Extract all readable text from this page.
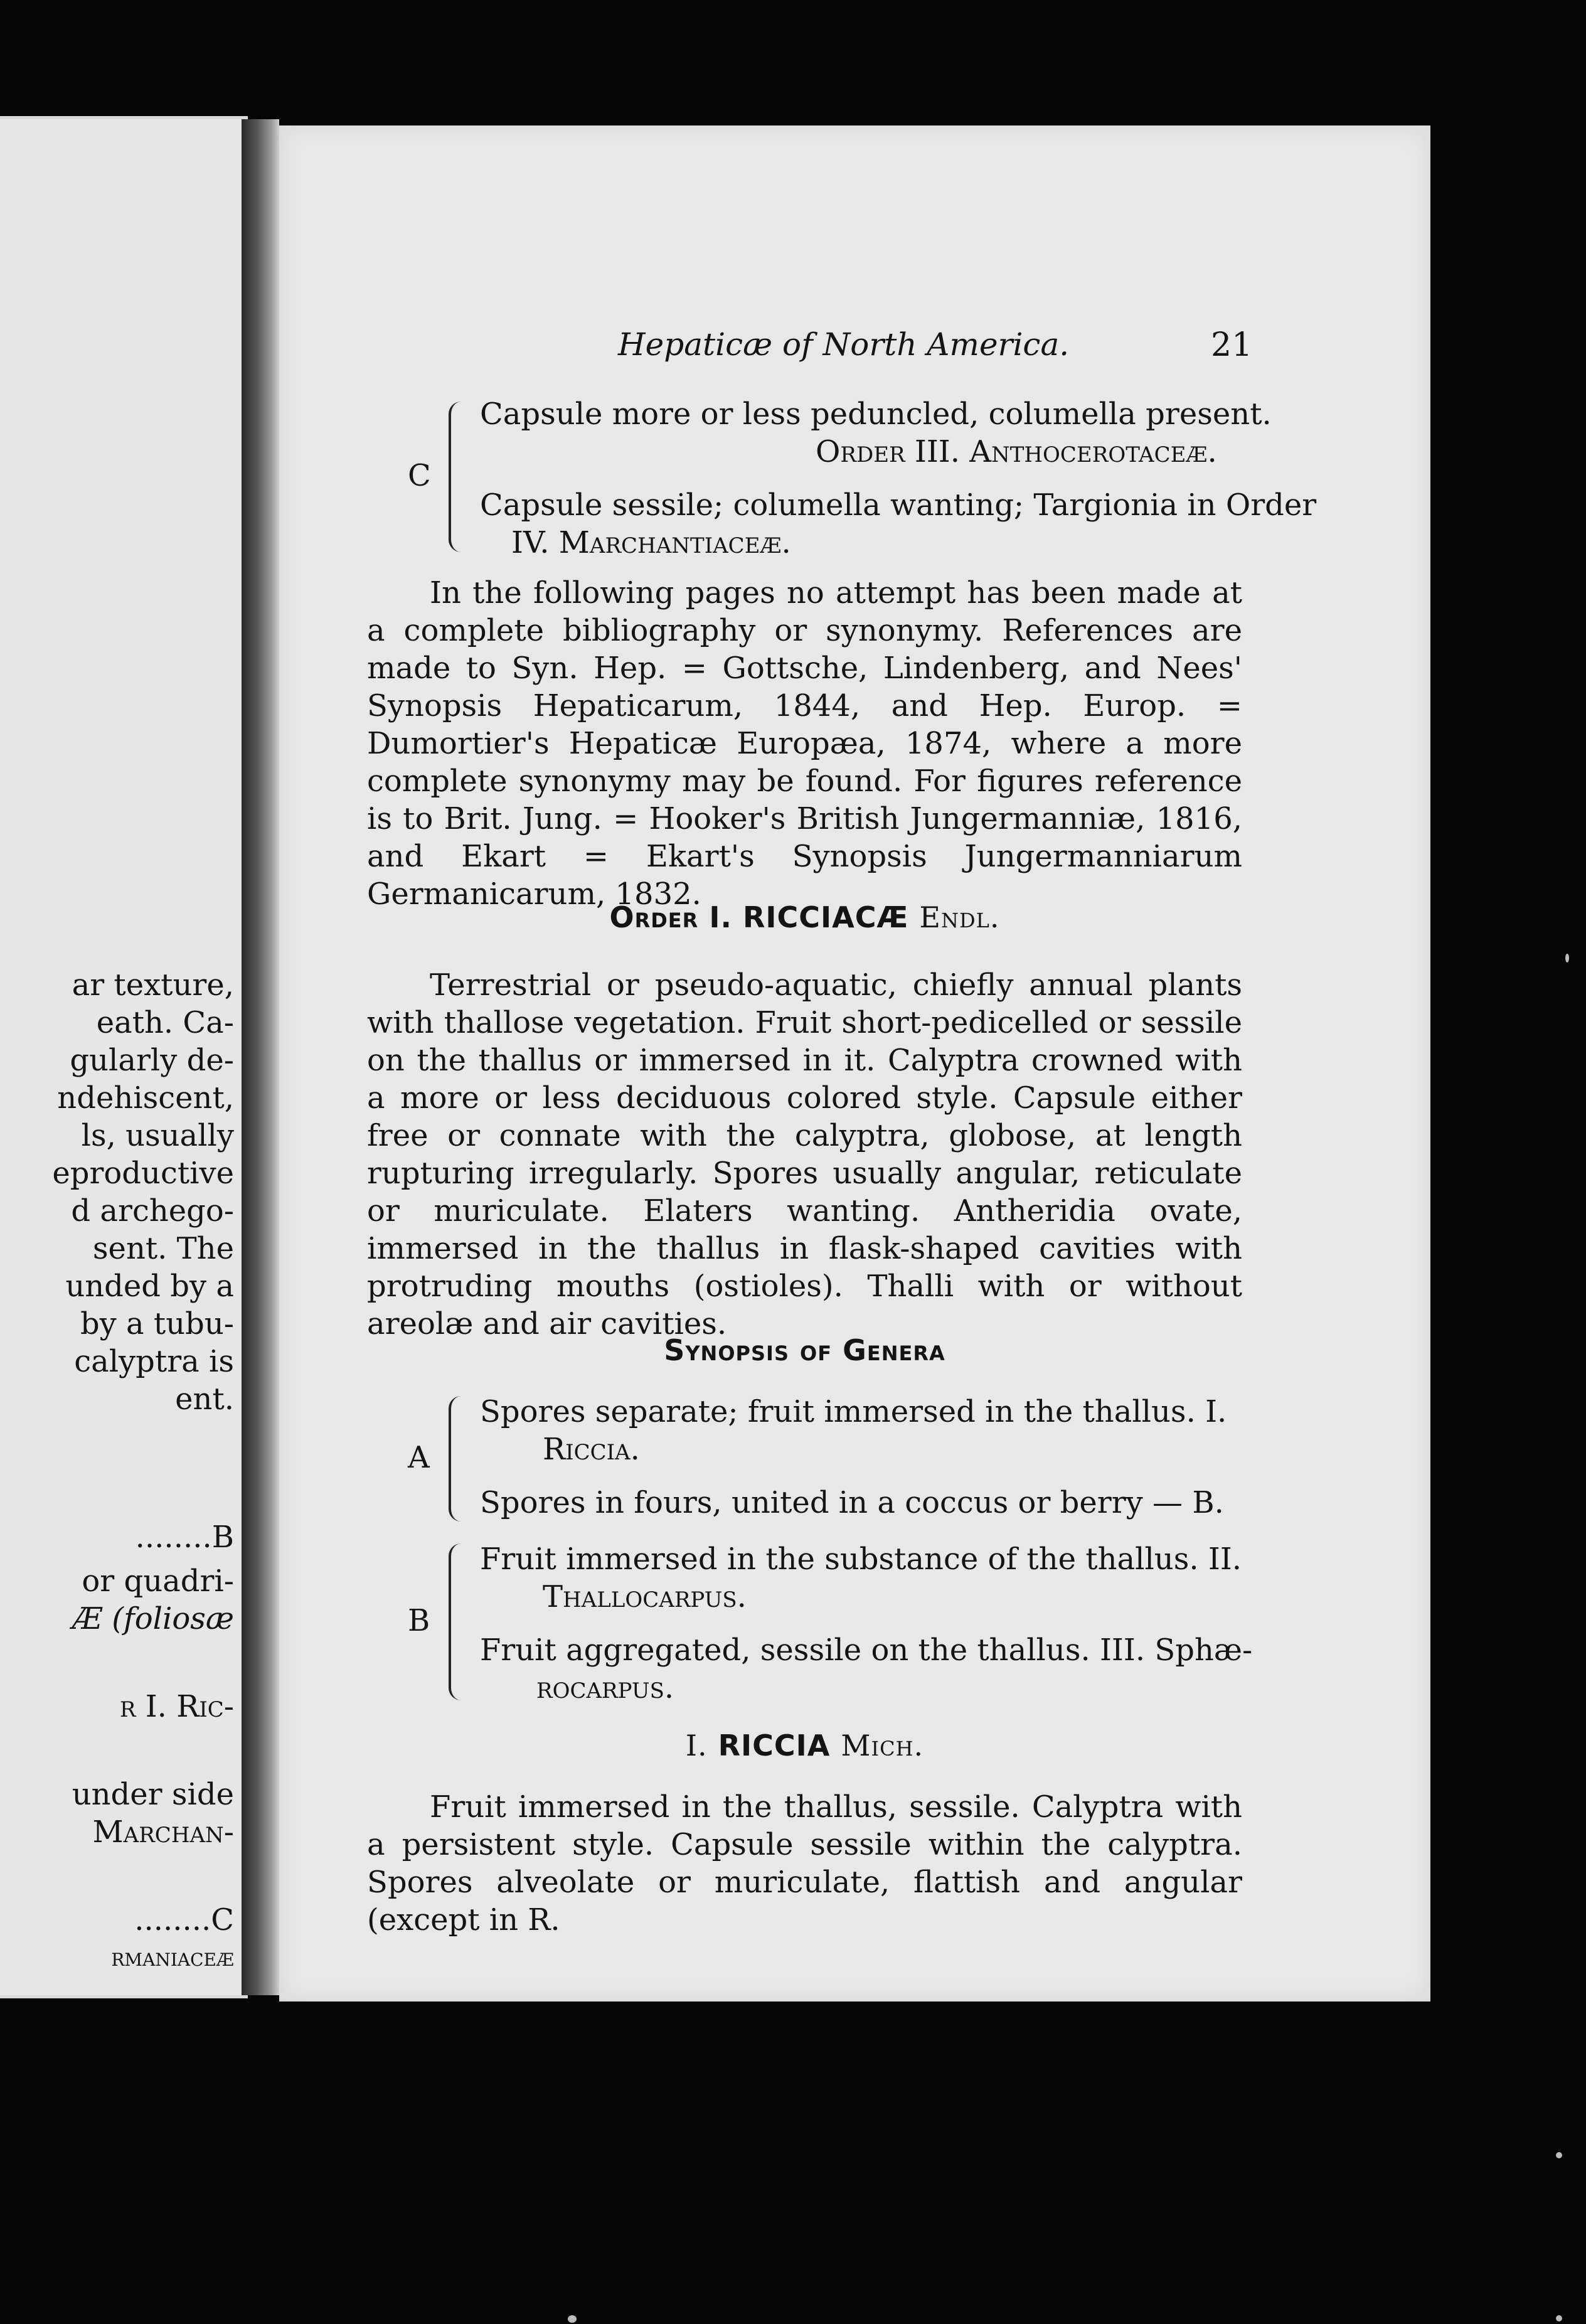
ar texture,
eath. Ca-
gularly de-
ndehiscent,
ls, usually
eproductive
d archego-
sent. The
unded by a
by a tubu-
calyptra is
ent.
........B
or quadri-
Æ (foliosæ
r I. Ric-
under side
Marchan-
........C
rmaniaceæ
Hepaticæ of North America.	21
C
Capsule more or less peduncled, columella present.
Order III. Anthocerotaceæ.
Capsule sessile; columella wanting; Targionia in Order
IV. Marchantiaceæ.
In the following pages no attempt has been made at a complete bibliography or synonymy. References are made to Syn. Hep. = Gottsche, Lindenberg, and Nees' Synopsis Hepaticarum, 1844, and Hep. Europ. = Dumortier's Hepaticæ Europæa, 1874, where a more complete synonymy may be found. For figures reference is to Brit. Jung. = Hooker's British Jungermanniæ, 1816, and Ekart = Ekart's Synopsis Jungermanniarum Germanicarum, 1832.
Order I. RICCIACÆ Endl.
Terrestrial or pseudo-aquatic, chiefly annual plants with thallose vegetation. Fruit short-pedicelled or sessile on the thallus or immersed in it. Calyptra crowned with a more or less deciduous colored style. Capsule either free or connate with the calyptra, globose, at length rupturing irregularly. Spores usually angular, reticulate or muriculate. Elaters wanting. Antheridia ovate, immersed in the thallus in flask-shaped cavities with protruding mouths (ostioles). Thalli with or without areolæ and air cavities.
Synopsis of Genera
A
Spores separate; fruit immersed in the thallus. I.
Riccia.
Spores in fours, united in a coccus or berry — B.
B
Fruit immersed in the substance of the thallus. II.
Thallocarpus.
Fruit aggregated, sessile on the thallus. III. Sphæ-
rocarpus.
I. RICCIA Mich.
Fruit immersed in the thallus, sessile. Calyptra with a persistent style. Capsule sessile within the calyptra. Spores alveolate or muriculate, flattish and angular (except in R.
